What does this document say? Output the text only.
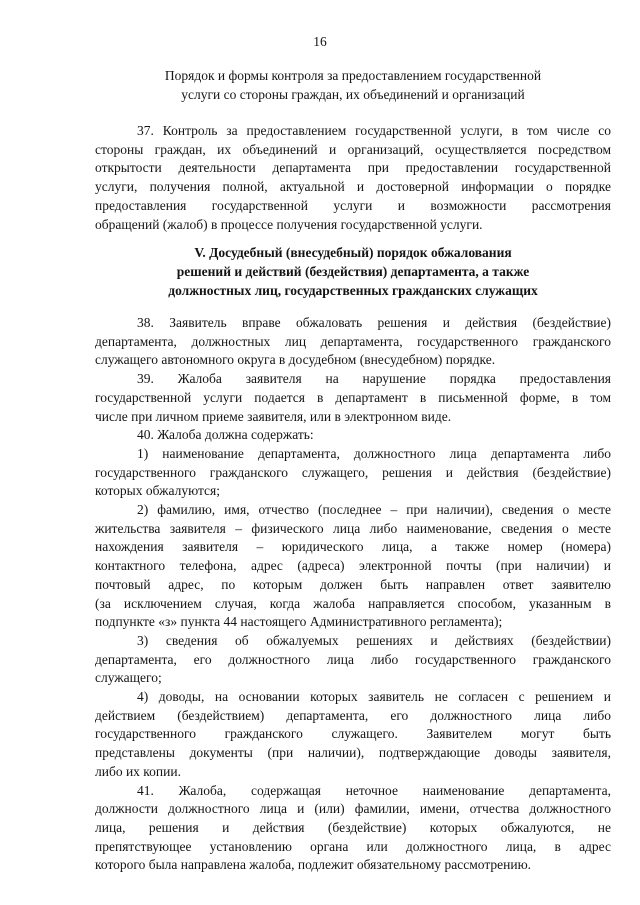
16
Порядок и формы контроля за предоставлением государственной
услуги со стороны граждан, их объединений и организаций
37. Контроль за предоставлением государственной услуги, в том числе со
стороны граждан, их объединений и организаций, осуществляется посредством
открытости деятельности департамента при предоставлении государственной
услуги, получения полной, актуальной и достоверной информации о порядке
предоставления государственной услуги и возможности рассмотрения
обращений (жалоб) в процессе получения государственной услуги.
V. Досудебный (внесудебный) порядок обжалования
решений и действий (бездействия) департамента, а также
должностных лиц, государственных гражданских служащих
38. Заявитель вправе обжаловать решения и действия (бездействие)
департамента, должностных лиц департамента, государственного гражданского
служащего автономного округа в досудебном (внесудебном) порядке.
39. Жалоба заявителя на нарушение порядка предоставления
государственной услуги подается в департамент в письменной форме, в том
числе при личном приеме заявителя, или в электронном виде.
40. Жалоба должна содержать:
1) наименование департамента, должностного лица департамента либо
государственного гражданского служащего, решения и действия (бездействие)
которых обжалуются;
2) фамилию, имя, отчество (последнее – при наличии), сведения о месте
жительства заявителя – физического лица либо наименование, сведения о месте
нахождения заявителя – юридического лица, а также номер (номера)
контактного телефона, адрес (адреса) электронной почты (при наличии) и
почтовый адрес, по которым должен быть направлен ответ заявителю
(за исключением случая, когда жалоба направляется способом, указанным в
подпункте «з» пункта 44 настоящего Административного регламента);
3) сведения об обжалуемых решениях и действиях (бездействии)
департамента, его должностного лица либо государственного гражданского
служащего;
4) доводы, на основании которых заявитель не согласен с решением и
действием (бездействием) департамента, его должностного лица либо
государственного гражданского служащего. Заявителем могут быть
представлены документы (при наличии), подтверждающие доводы заявителя,
либо их копии.
41. Жалоба, содержащая неточное наименование департамента,
должности должностного лица и (или) фамилии, имени, отчества должностного
лица, решения и действия (бездействие) которых обжалуются, не
препятствующее установлению органа или должностного лица, в адрес
которого была направлена жалоба, подлежит обязательному рассмотрению.
